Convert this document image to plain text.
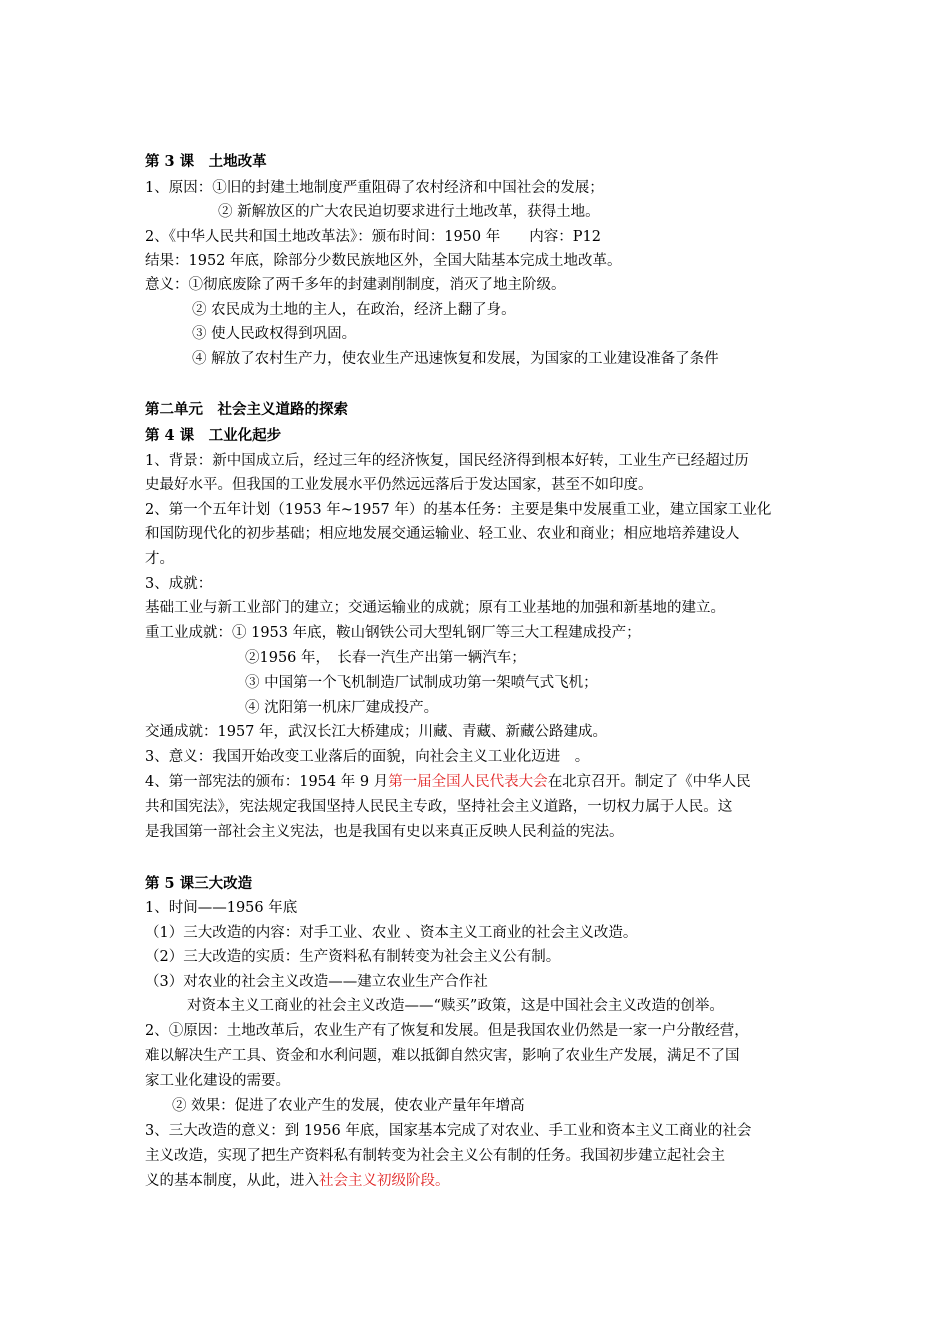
第 3 课　土地改革
1、原因：①旧的封建土地制度严重阻碍了农村经济和中国社会的发展；
② 新解放区的广大农民迫切要求进行土地改革，获得土地。
2、《中华人民共和国土地改革法》：颁布时间：1950 年　　内容：P12
结果：1952 年底，除部分少数民族地区外，全国大陆基本完成土地改革。
意义：①彻底废除了两千多年的封建剥削制度，消灭了地主阶级。
② 农民成为土地的主人，在政治，经济上翻了身。
③ 使人民政权得到巩固。
④ 解放了农村生产力，使农业生产迅速恢复和发展，为国家的工业建设准备了条件
第二单元　社会主义道路的探索
第 4 课　工业化起步
1、背景：新中国成立后，经过三年的经济恢复，国民经济得到根本好转，工业生产已经超过历
史最好水平。但我国的工业发展水平仍然远远落后于发达国家，甚至不如印度。
2、第一个五年计划（1953 年~1957 年）的基本任务：主要是集中发展重工业，建立国家工业化
和国防现代化的初步基础；相应地发展交通运输业、轻工业、农业和商业；相应地培养建设人
才。
3、成就：
基础工业与新工业部门的建立；交通运输业的成就；原有工业基地的加强和新基地的建立。
重工业成就：① 1953 年底，鞍山钢铁公司大型轧钢厂等三大工程建成投产；
②1956 年，　长春一汽生产出第一辆汽车；
③ 中国第一个飞机制造厂试制成功第一架喷气式飞机；
④ 沈阳第一机床厂建成投产。
交通成就：1957 年，武汉长江大桥建成；川藏、青藏、新藏公路建成。
3、意义：我国开始改变工业落后的面貌，向社会主义工业化迈进　。
4、第一部宪法的颁布：1954 年 9 月第一届全国人民代表大会在北京召开。制定了《中华人民
共和国宪法》，宪法规定我国坚持人民民主专政，坚持社会主义道路，一切权力属于人民。这
是我国第一部社会主义宪法，也是我国有史以来真正反映人民利益的宪法。
第 5 课三大改造
1、时间——1956 年底
（1）三大改造的内容：对手工业、农业 、资本主义工商业的社会主义改造。
（2）三大改造的实质：生产资料私有制转变为社会主义公有制。
（3）对农业的社会主义改造——建立农业生产合作社
对资本主义工商业的社会主义改造——“赎买”政策，这是中国社会主义改造的创举。
2、①原因：土地改革后，农业生产有了恢复和发展。但是我国农业仍然是一家一户分散经营，
难以解决生产工具、资金和水利问题，难以抵御自然灾害，影响了农业生产发展，满足不了国
家工业化建设的需要。
② 效果：促进了农业产生的发展，使农业产量年年增高
3、三大改造的意义：到 1956 年底，国家基本完成了对农业、手工业和资本主义工商业的社会
主义改造，实现了把生产资料私有制转变为社会主义公有制的任务。我国初步建立起社会主
义的基本制度，从此，进入社会主义初级阶段。
